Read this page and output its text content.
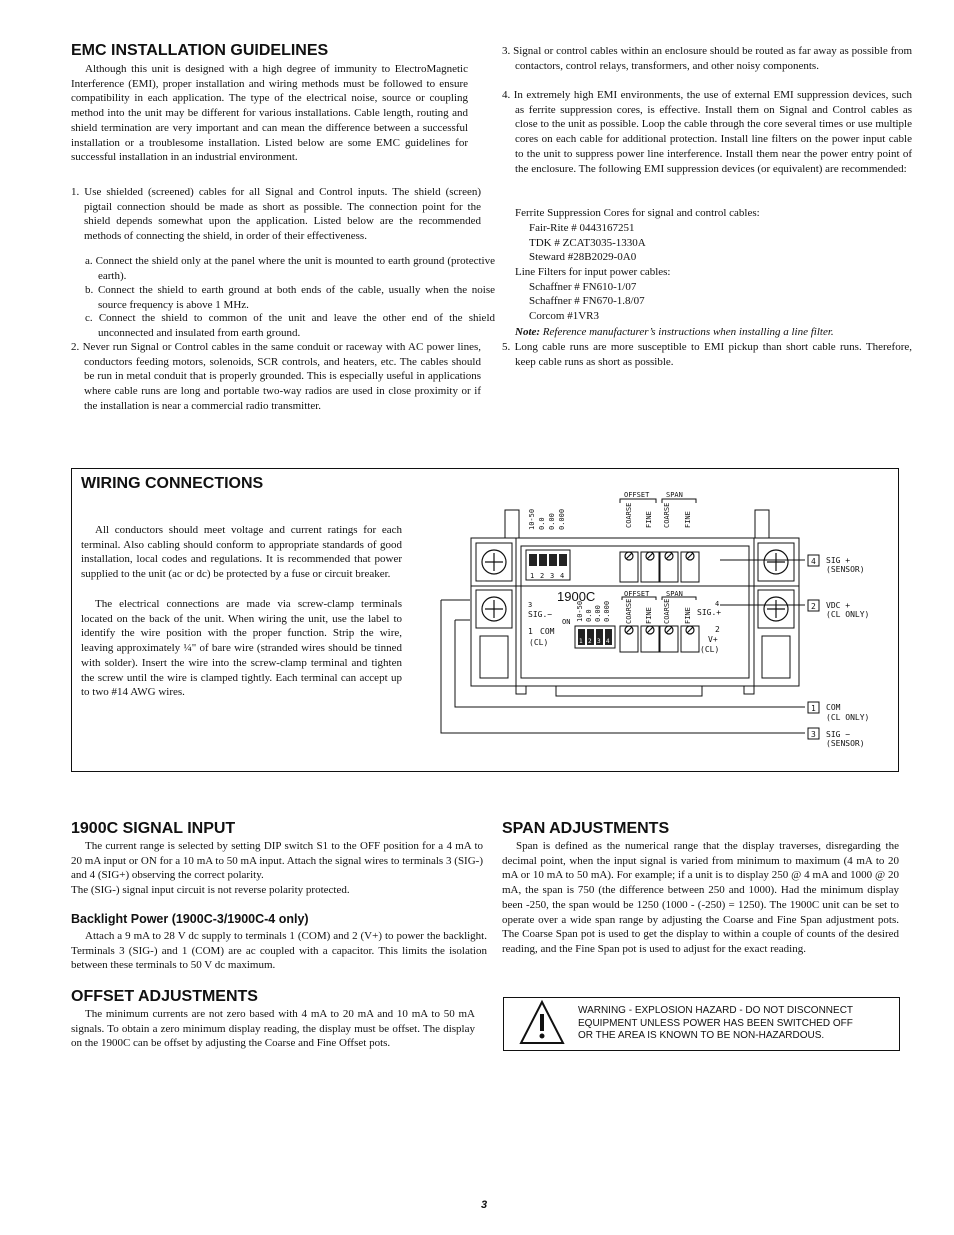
EMC INSTALLATION GUIDELINES

Although this unit is designed with a high degree of immunity to ElectroMagnetic Interference (EMI), proper installation and wiring methods must be followed to ensure compatibility in each application. The type of the electrical noise, source or coupling method into the unit may be different for various installations. Cable length, routing and shield termination are very important and can mean the difference between a successful installation or a troublesome installation. Listed below are some EMC guidelines for successful installation in an industrial environment.

1. Use shielded (screened) cables for all Signal and Control inputs. The shield (screen) pigtail connection should be made as short as possible. The connection point for the shield depends somewhat upon the application. Listed below are the recommended methods of connecting the shield, in order of their effectiveness.

a. Connect the shield only at the panel where the unit is mounted to earth ground (protective earth).

b. Connect the shield to earth ground at both ends of the cable, usually when the noise source frequency is above 1 MHz.

c. Connect the shield to common of the unit and leave the other end of the shield unconnected and insulated from earth ground.

2. Never run Signal or Control cables in the same conduit or raceway with AC power lines, conductors feeding motors, solenoids, SCR controls, and heaters, etc. The cables should be run in metal conduit that is properly grounded. This is especially useful in applications where cable runs are long and portable two-way radios are used in close proximity or if the installation is near a commercial radio transmitter.

3. Signal or control cables within an enclosure should be routed as far away as possible from contactors, control relays, transformers, and other noisy components.

4. In extremely high EMI environments, the use of external EMI suppression devices, such as ferrite suppression cores, is effective. Install them on Signal and Control cables as close to the unit as possible. Loop the cable through the core several times or use multiple cores on each cable for additional protection. Install line filters on the power input cable to the unit to suppress power line interference. Install them near the power entry point of the enclosure. The following EMI suppression devices (or equivalent) are recommended:

Ferrite Suppression Cores for signal and control cables:

Fair-Rite # 0443167251

TDK # ZCAT3035-1330A

Steward #28B2029-0A0

Line Filters for input power cables:

Schaffner # FN610-1/07

Schaffner # FN670-1.8/07

Corcom #1VR3

Note: Reference manufacturer’s instructions when installing a line filter.

5. Long cable runs are more susceptible to EMI pickup than short cable runs. Therefore, keep cable runs as short as possible.

WIRING CONNECTIONS

All conductors should meet voltage and current ratings for each terminal. Also cabling should conform to appropriate standards of good installation, local codes and regulations. It is recommended that power supplied to the unit (ac or dc) be protected by a fuse or circuit breaker.

The electrical connections are made via screw-clamp terminals located on the back of the unit. When wiring the unit, use the label to identify the wire position with the proper function. Strip the wire, leaving approximately ¼" of bare wire (stranded wires should be tinned with solder). Insert the wire into the screw-clamp terminal and tighten the screw until the wire is clamped tightly. Each terminal can accept up to two #14 AWG wires.

OFFSET SPAN
10-50 0.0 0.00 0.000	COARSE FINE COARSE FINE
1 2 3 4
OFFSET SPAN
10-50 0.0 0.00 0.000 COARSE FINE COARSE FINE
1 2 3 4
3
SIG.−
1 COM
(CL)
ON
4
SIG.+
2
V+
(CL)
4 SIG +
(SENSOR)
2 VDC +
(CL ONLY)
1 COM
(CL ONLY)
3 SIG −
(SENSOR)
1900C
1900C SIGNAL INPUT

The current range is selected by setting DIP switch S1 to the OFF position for a 4 mA to 20 mA input or ON for a 10 mA to 50 mA input. Attach the signal wires to terminals 3 (SIG-) and 4 (SIG+) observing the correct polarity.

The (SIG-) signal input circuit is not reverse polarity protected.

Backlight Power (1900C-3/1900C-4 only)

Attach a 9 mA to 28 V dc supply to terminals 1 (COM) and 2 (V+) to power the backlight. Terminals 3 (SIG-) and 1 (COM) are ac coupled with a capacitor. This limits the isolation between these terminals to 50 V dc maximum.

OFFSET ADJUSTMENTS

The minimum currents are not zero based with 4 mA to 20 mA and 10 mA to 50 mA signals. To obtain a zero minimum display reading, the display must be offset. The display on the 1900C can be offset by adjusting the Coarse and Fine Offset pots.

SPAN ADJUSTMENTS

Span is defined as the numerical range that the display traverses, disregarding the decimal point, when the input signal is varied from minimum to maximum (4 mA to 20 mA or 10 mA to 50 mA). For example; if a unit is to display 250 @ 4 mA and 1000 @ 20 mA, the span is 750 (the difference between 250 and 1000). Had the minimum display been -250, the span would be 1250 (1000 - (-250) = 1250). The 1900C unit can be set to operate over a wide span range by adjusting the Coarse and Fine Span adjustment pots. The Coarse Span pot is used to get the display to within a couple of counts of the desired reading, and the Fine Span pot is used to adjust for the exact reading.

WARNING - EXPLOSION HAZARD - DO NOT DISCONNECT
EQUIPMENT UNLESS POWER HAS BEEN SWITCHED OFF
OR THE AREA IS KNOWN TO BE NON-HAZARDOUS.

3
